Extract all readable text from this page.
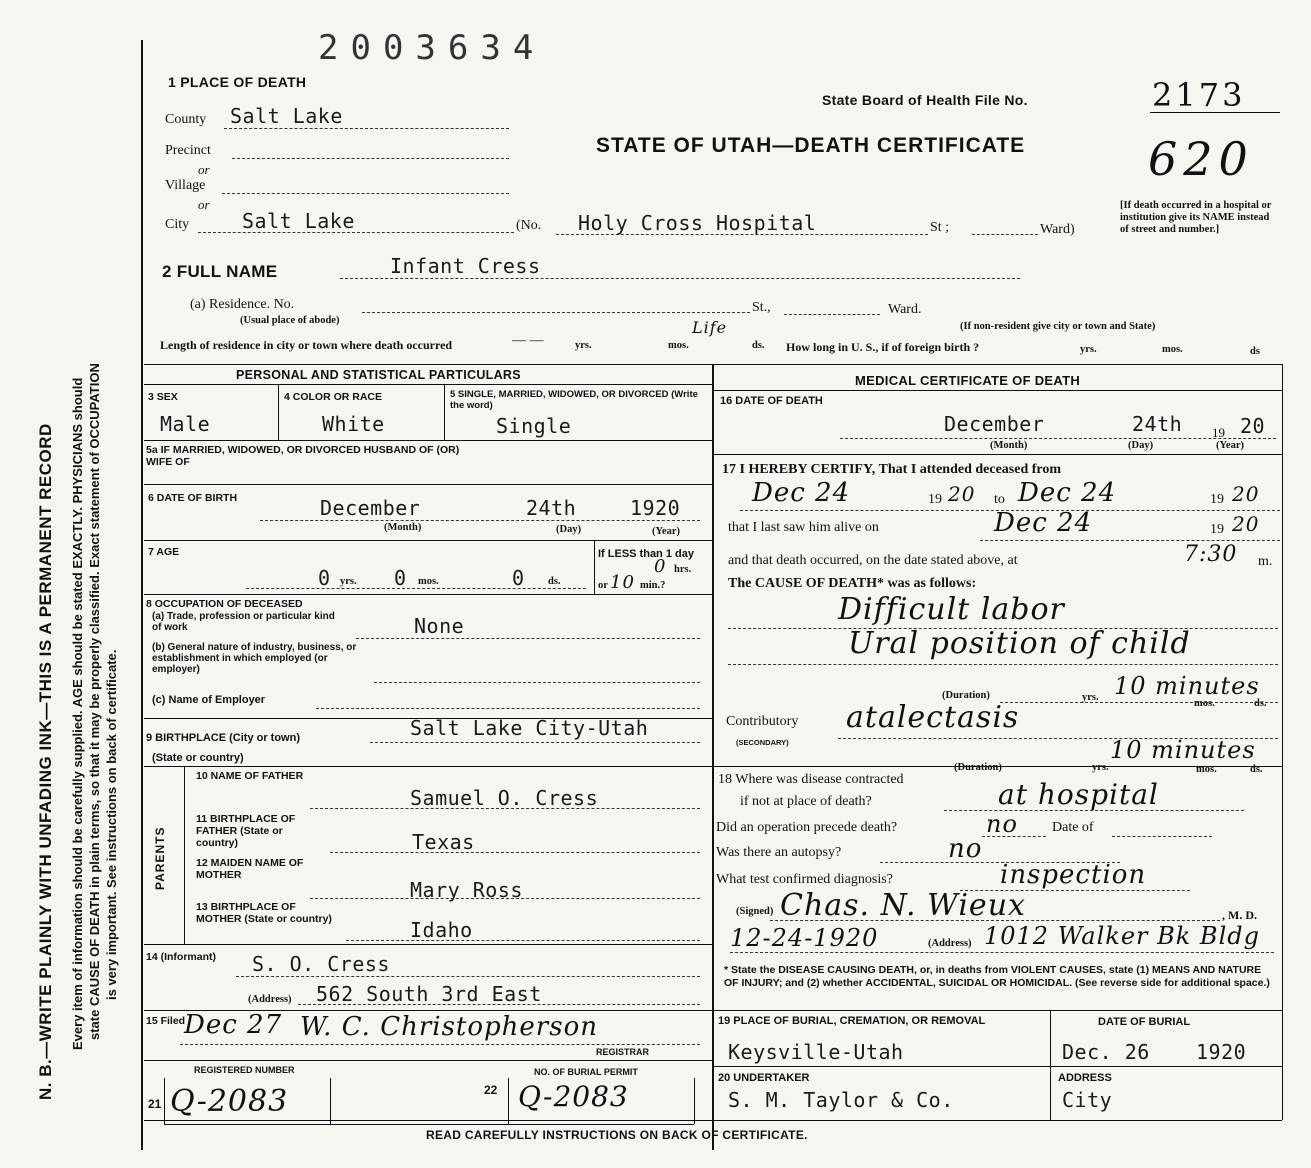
N. B.—WRITE PLAINLY WITH UNFADING INK—THIS IS A PERMANENT RECORD Every item of information should be carefully supplied. AGE should be stated EXACTLY. PHYSICIANS should state CAUSE OF DEATH in plain terms, so that it may be properly classified. Exact statement of OCCUPATION is very important. See instructions on back of certificate.
2003634
State Board of Health File No.	2173
620
STATE OF UTAH—DEATH CERTIFICATE
[If death occurred in a hospital or institution give its NAME instead of street and number.]
1 PLACE OF DEATH
County Salt Lake
Precinct
or
Village
or
City	Salt Lake	(No. Holy Cross Hospital	St ;	Ward)
2 FULL NAME	Infant Cress
(a) Residence. No.	St.,	Ward.
(Usual place of abode)
(If non-resident give city or town and State)
Length of residence in city or town where death occurred	— —	yrs.	mos.
Life
ds. How long in U. S., if of foreign birth ?	yrs.	mos.	ds
PERSONAL AND STATISTICAL PARTICULARS	MEDICAL CERTIFICATE OF DEATH
3 SEX
Male
4 COLOR OR RACE
White
5 SINGLE, MARRIED, WIDOWED, OR DIVORCED (Write the word)
Single
5a IF MARRIED, WIDOWED, OR DIVORCED HUSBAND OF (OR) WIFE OF
6 DATE OF BIRTH	December	24th	1920
(Month)	(Day)	(Year)
7 AGE
0 yrs. 0 mos.	0 ds.
If LESS than 1 day
0 hrs.
or 10 min.?
8 OCCUPATION OF DECEASED
(a) Trade, profession or particular kind of work	None
(b) General nature of industry, business, or establishment in which employed (or employer)
(c) Name of Employer
9 BIRTHPLACE (City or town)	Salt Lake City-Utah
(State or country)
PARENTS
10 NAME OF FATHER
Samuel O. Cress
11 BIRTHPLACE OF FATHER (State or country)	Texas
12 MAIDEN NAME OF MOTHER
Mary Ross
13 BIRTHPLACE OF MOTHER (State or country)	Idaho
14 (Informant)	S. O. Cress
(Address) 562 South 3rd East
15 Filed
Dec 27 W. C. Christopherson
REGISTRAR
REGISTERED NUMBER	NO. OF BURIAL PERMIT
21 Q-2083	22 Q-2083
16 DATE OF DEATH
December	24th 19 20
(Month)	(Day)	(Year)
17 I HEREBY CERTIFY, That I attended deceased from
Dec 24	19 20 to Dec 24	19 20
that I last saw him alive on	Dec 24	19 20
and that death occurred, on the date stated above, at	7:30 m.
The CAUSE OF DEATH* was as follows:
Difficult labor
Ural position of child
(Duration)	yrs. 10 minutes
mos.	ds.
Contributory
(SECONDARY)
atalectasis
(Duration)	yrs.
10 minutes
mos.	ds.
18 Where was disease contracted
if not at place of death?	at hospital
Did an operation precede death?	no Date of
Was there an autopsy?	no
What test confirmed diagnosis?	inspection
(Signed) Chas. N. Wieux	, M. D.
12-24-1920	(Address) 1012 Walker Bk Bldg
* State the DISEASE CAUSING DEATH, or, in deaths from VIOLENT CAUSES, state (1) MEANS AND NATURE OF INJURY; and (2) whether ACCIDENTAL, SUICIDAL OR HOMICIDAL. (See reverse side for additional space.)
19 PLACE OF BURIAL, CREMATION, OR REMOVAL
Keysville-Utah
DATE OF BURIAL
Dec. 26 1920
20 UNDERTAKER
S. M. Taylor & Co.
ADDRESS
City
READ CAREFULLY INSTRUCTIONS ON BACK OF CERTIFICATE.
